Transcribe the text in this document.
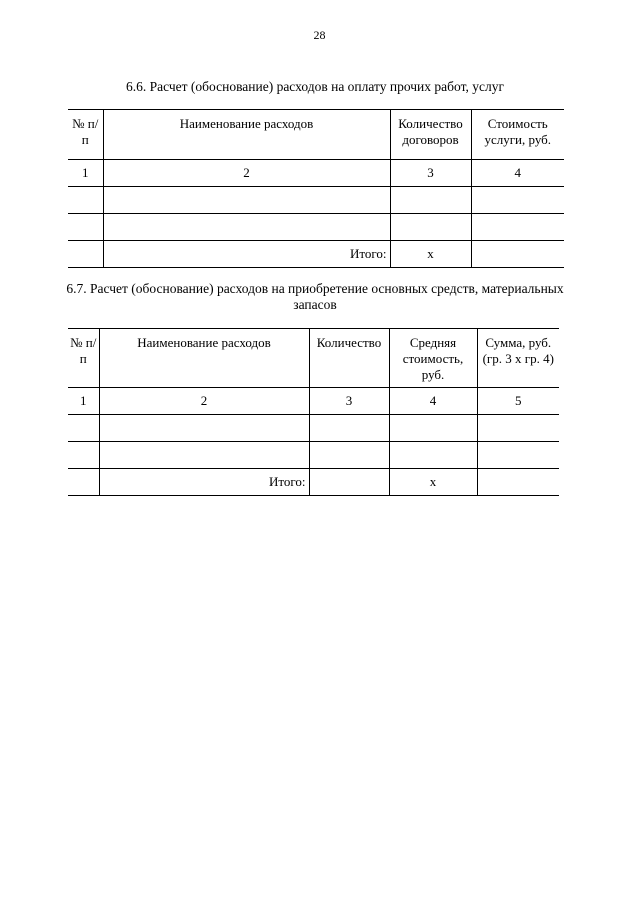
28
6.6. Расчет (обоснование) расходов на оплату прочих работ, услуг
№ п/п	Наименование расходов	Количество договоров	Стоимость услуги, руб.
1	2	3	4

	Итого:	x	
6.7. Расчет (обоснование) расходов на приобретение основных средств, материальных запасов
№ п/п	Наименование расходов	Количество	Средняя стоимость, руб.	Сумма, руб. (гр. 3 x гр. 4)
1	2	3	4	5

	Итого:		x	
